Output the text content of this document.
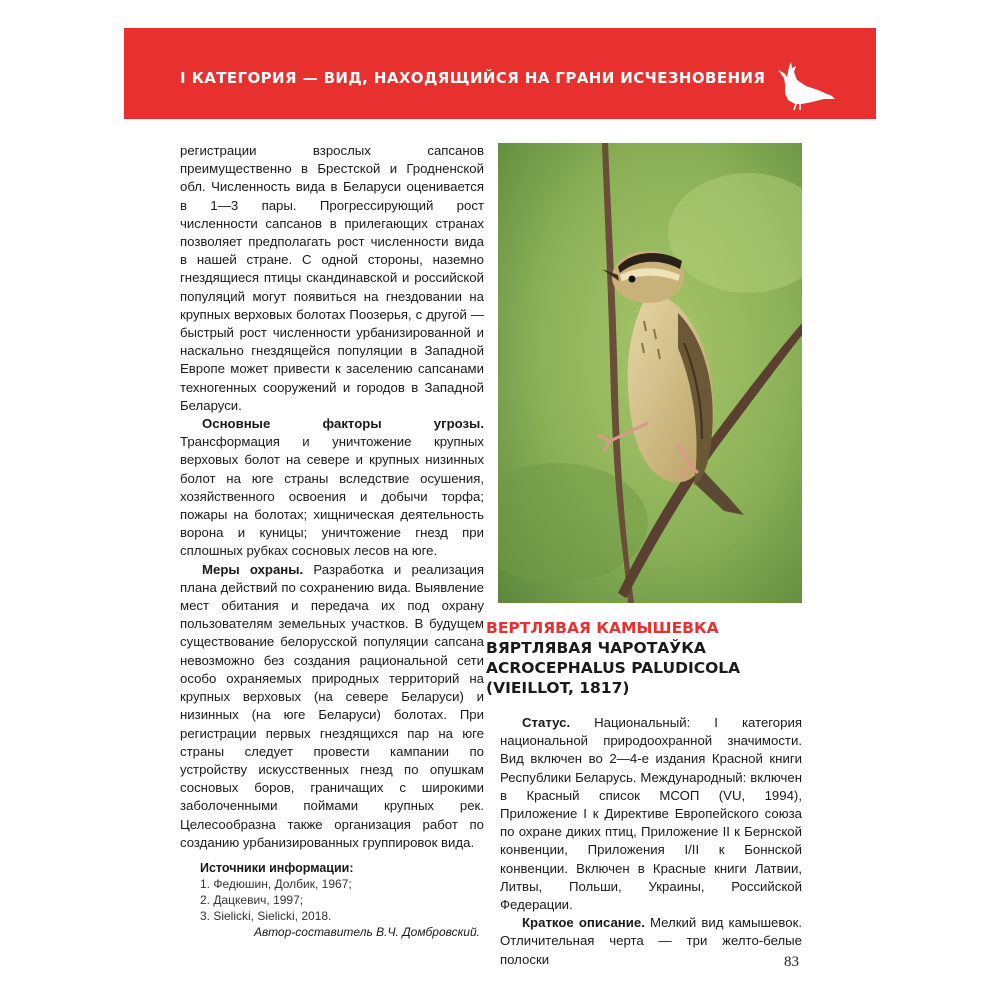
I КАТЕГОРИЯ — ВИД, НАХОДЯЩИЙСЯ НА ГРАНИ ИСЧЕЗНОВЕНИЯ

регистрации взрослых сапсанов преимущественно в Брестской и Гродненской обл. Численность вида в Беларуси оценивается в 1—3 пары. Прогрессирующий рост численности сапсанов в прилегающих странах позволяет предполагать рост численности вида в нашей стране. С одной стороны, наземно гнездящиеся птицы скандинавской и российской популяций могут появиться на гнездовании на крупных верховых болотах Поозерья, с другой — быстрый рост численности урбанизированной и наскально гнездящейся популяции в Западной Европе может привести к заселению сапсанами техногенных сооружений и городов в Западной Беларуси.

Основные факторы угрозы. Трансформация и уничтожение крупных верховых болот на севере и крупных низинных болот на юге страны вследствие осушения, хозяйственного освоения и добычи торфа; пожары на болотах; хищническая деятельность ворона и куницы; уничтожение гнезд при сплошных рубках сосновых лесов на юге.

Меры охраны. Разработка и реализация плана действий по сохранению вида. Выявление мест обитания и передача их под охрану пользователям земельных участков. В будущем существование белорусской популяции сапсана невозможно без создания рациональной сети особо охраняемых природных территорий на крупных верховых (на севере Беларуси) и низинных (на юге Беларуси) болотах. При регистрации первых гнездящихся пар на юге страны следует провести кампании по устройству искусственных гнезд по опушкам сосновых боров, граничащих с широкими заболоченными поймами крупных рек. Целесообразна также организация работ по созданию урбанизированных группировок вида.

Источники информации:
1. Федюшин, Долбик, 1967;
2. Дацкевич, 1997;
3. Sielicki, Sielicki, 2018.
Автор-составитель В.Ч. Домбровский.
ВЕРТЛЯВАЯ КАМЫШЕВКА
ВЯРТЛЯВАЯ ЧАРОТАЎКА
ACROCEPHALUS PALUDICOLA
(VIEILLOT, 1817)

Статус. Национальный: I категория национальной природоохранной значимости. Вид включен во 2—4-е издания Красной книги Республики Беларусь. Международный: включен в Красный список МСОП (VU, 1994), Приложение I к Директиве Европейского союза по охране диких птиц, Приложение II к Бернской конвенции, Приложения I/II к Боннской конвенции. Включен в Красные книги Латвии, Литвы, Польши, Украины, Российской Федерации.

Краткое описание. Мелкий вид камышевок. Отличительная черта — три желто-белые полоски	83
